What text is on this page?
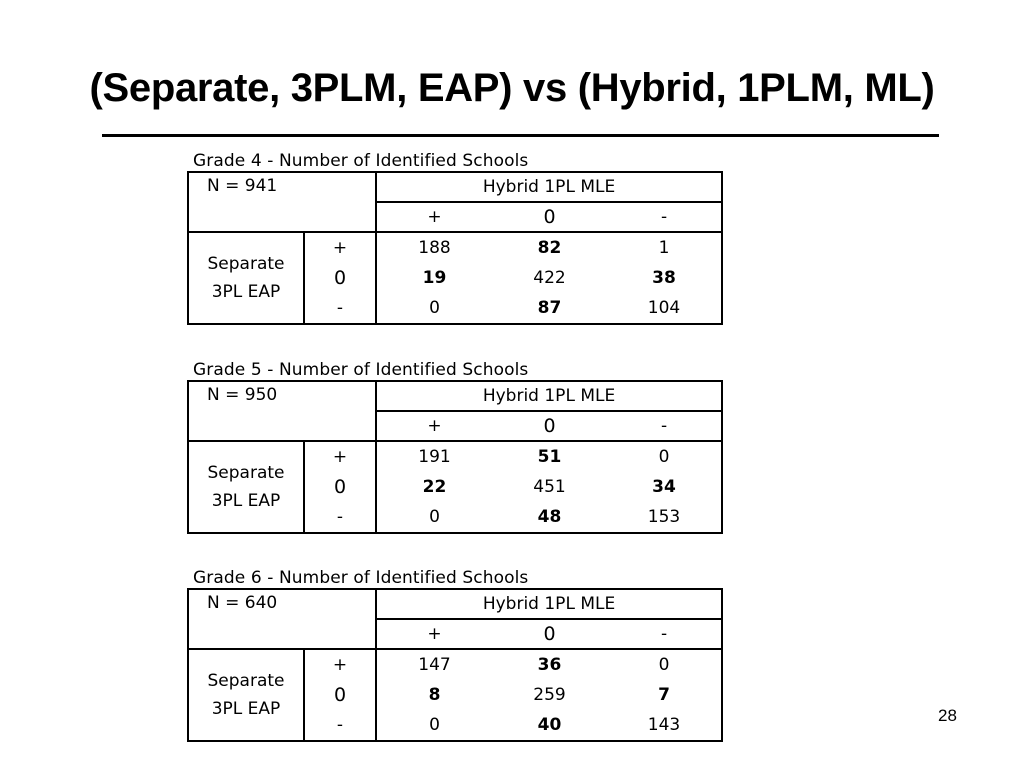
(Separate, 3PLM, EAP) vs (Hybrid, 1PLM, ML)
Grade 4 - Number of Identified Schools
N = 941		Hybrid 1PL MLE		
		+	0	-
Separate
3PL EAP	+	188	82	1
	0	19	422	38
	-	0	87	104
Grade 5 - Number of Identified Schools
N = 950		Hybrid 1PL MLE		
		+	0	-
Separate
3PL EAP	+	191	51	0
	0	22	451	34
	-	0	48	153
Grade 6 - Number of Identified Schools
N = 640		Hybrid 1PL MLE		
		+	0	-
Separate
3PL EAP	+	147	36	0
	0	8	259	7
	-	0	40	143	28
